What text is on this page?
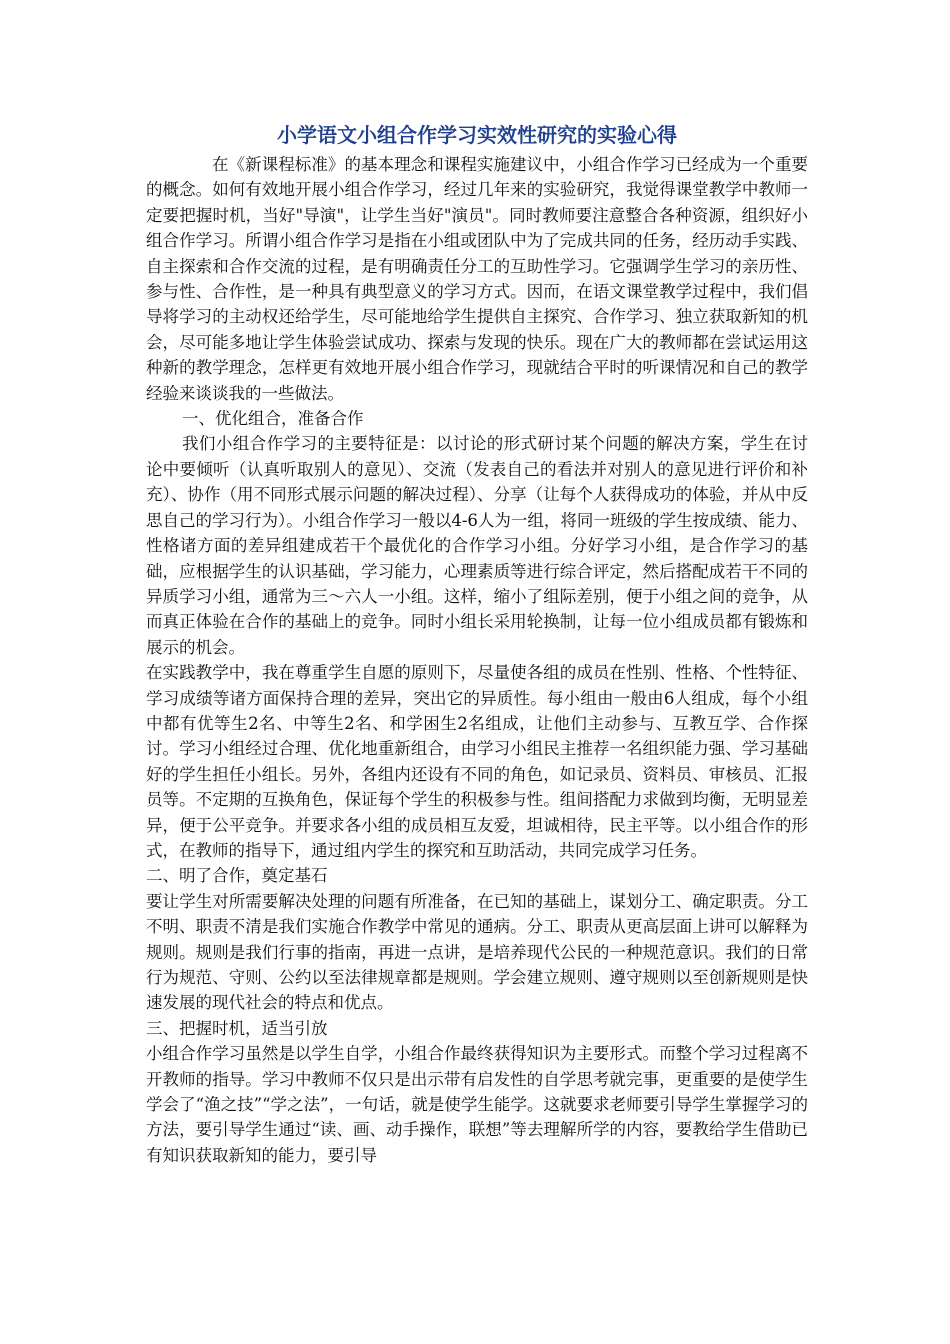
小学语文小组合作学习实效性研究的实验心得

在《新课程标准》的基本理念和课程实施建议中，小组合作学习已经成为一个重要的概念。如何有效地开展小组合作学习，经过几年来的实验研究，我觉得课堂教学中教师一定要把握时机，当好"导演"，让学生当好"演员"。同时教师要注意整合各种资源，组织好小组合作学习。所谓小组合作学习是指在小组或团队中为了完成共同的任务，经历动手实践、自主探索和合作交流的过程，是有明确责任分工的互助性学习。它强调学生学习的亲历性、参与性、合作性，是一种具有典型意义的学习方式。因而，在语文课堂教学过程中，我们倡导将学习的主动权还给学生，尽可能地给学生提供自主探究、合作学习、独立获取新知的机会，尽可能多地让学生体验尝试成功、探索与发现的快乐。现在广大的教师都在尝试运用这种新的教学理念，怎样更有效地开展小组合作学习，现就结合平时的听课情况和自己的教学经验来谈谈我的一些做法。

一、优化组合，准备合作

我们小组合作学习的主要特征是：以讨论的形式研讨某个问题的解决方案，学生在讨论中要倾听（认真听取别人的意见）、交流（发表自己的看法并对别人的意见进行评价和补充）、协作（用不同形式展示问题的解决过程）、分享（让每个人获得成功的体验，并从中反思自己的学习行为）。小组合作学习一般以4-6人为一组，将同一班级的学生按成绩、能力、性格诸方面的差异组建成若干个最优化的合作学习小组。分好学习小组，是合作学习的基础，应根据学生的认识基础，学习能力，心理素质等进行综合评定，然后搭配成若干不同的异质学习小组，通常为三～六人一小组。这样，缩小了组际差别，便于小组之间的竞争，从而真正体验在合作的基础上的竞争。同时小组长采用轮换制，让每一位小组成员都有锻炼和展示的机会。

在实践教学中，我在尊重学生自愿的原则下，尽量使各组的成员在性别、性格、个性特征、学习成绩等诸方面保持合理的差异，突出它的异质性。每小组由一般由6人组成，每个小组中都有优等生2名、中等生2名、和学困生2名组成，让他们主动参与、互教互学、合作探讨。学习小组经过合理、优化地重新组合，由学习小组民主推荐一名组织能力强、学习基础好的学生担任小组长。另外，各组内还设有不同的角色，如记录员、资料员、审核员、汇报员等。不定期的互换角色，保证每个学生的积极参与性。组间搭配力求做到均衡，无明显差异，便于公平竞争。并要求各小组的成员相互友爱，坦诚相待，民主平等。以小组合作的形式，在教师的指导下，通过组内学生的探究和互助活动，共同完成学习任务。

二、明了合作，奠定基石

要让学生对所需要解决处理的问题有所准备，在已知的基础上，谋划分工、确定职责。分工不明、职责不清是我们实施合作教学中常见的通病。分工、职责从更高层面上讲可以解释为规则。规则是我们行事的指南，再进一点讲，是培养现代公民的一种规范意识。我们的日常行为规范、守则、公约以至法律规章都是规则。学会建立规则、遵守规则以至创新规则是快速发展的现代社会的特点和优点。

三、把握时机，适当引放

小组合作学习虽然是以学生自学，小组合作最终获得知识为主要形式。而整个学习过程离不开教师的指导。学习中教师不仅只是出示带有启发性的自学思考就完事，更重要的是使学生学会了“渔之技”“学之法”，一句话，就是使学生能学。这就要求老师要引导学生掌握学习的方法，要引导学生通过“读、画、动手操作，联想”等去理解所学的内容，要教给学生借助已有知识获取新知的能力，要引导
